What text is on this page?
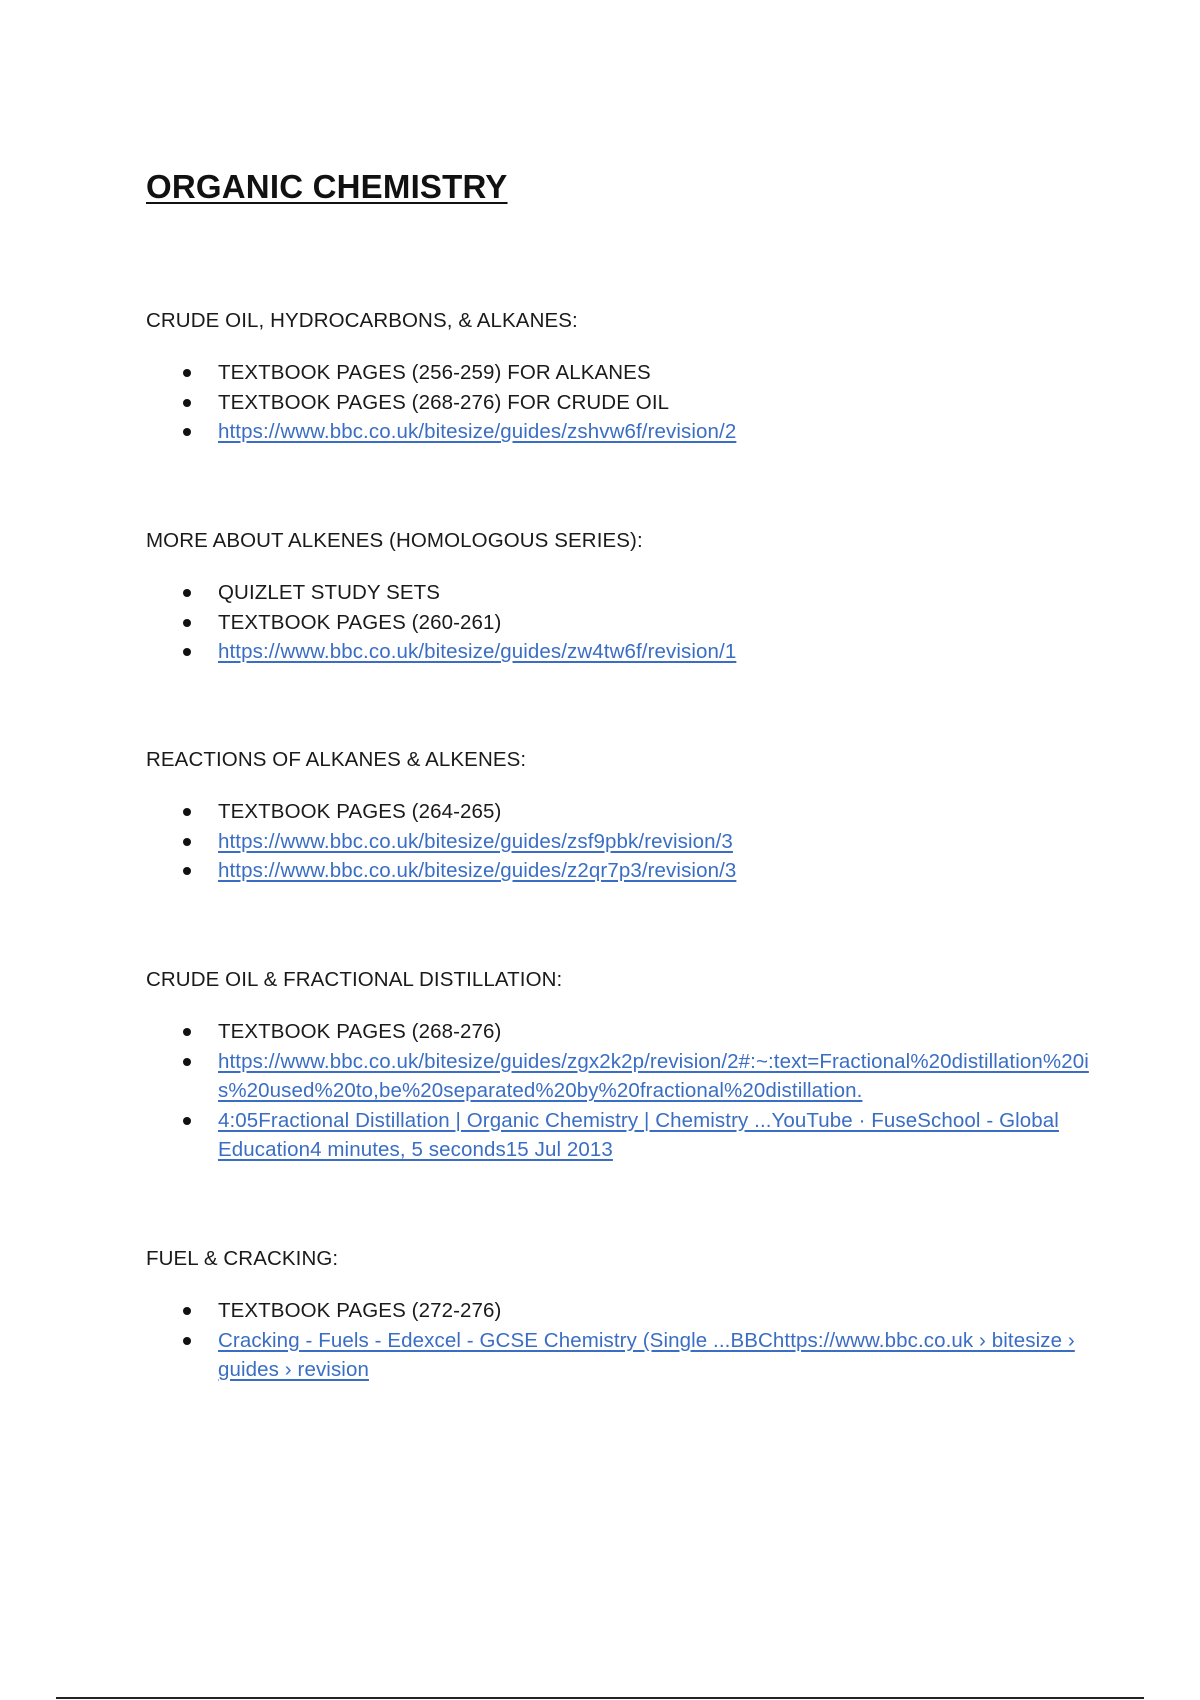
ORGANIC CHEMISTRY
CRUDE OIL, HYDROCARBONS, & ALKANES:
TEXTBOOK PAGES (256-259) FOR ALKANES
TEXTBOOK PAGES (268-276) FOR CRUDE OIL
https://www.bbc.co.uk/bitesize/guides/zshvw6f/revision/2
MORE ABOUT ALKENES (HOMOLOGOUS SERIES):
QUIZLET STUDY SETS
TEXTBOOK PAGES (260-261)
https://www.bbc.co.uk/bitesize/guides/zw4tw6f/revision/1
REACTIONS OF ALKANES & ALKENES:
TEXTBOOK PAGES (264-265)
https://www.bbc.co.uk/bitesize/guides/zsf9pbk/revision/3
https://www.bbc.co.uk/bitesize/guides/z2qr7p3/revision/3
CRUDE OIL & FRACTIONAL DISTILLATION:
TEXTBOOK PAGES (268-276)
https://www.bbc.co.uk/bitesize/guides/zgx2k2p/revision/2#:~:text=Fractional%20distillation%20is%20used%20to,be%20separated%20by%20fractional%20distillation.
4:05Fractional Distillation | Organic Chemistry | Chemistry ...YouTube · FuseSchool - Global Education4 minutes, 5 seconds15 Jul 2013
FUEL & CRACKING:
TEXTBOOK PAGES (272-276)
Cracking - Fuels - Edexcel - GCSE Chemistry (Single ...BBChttps://www.bbc.co.uk › bitesize › guides › revision
